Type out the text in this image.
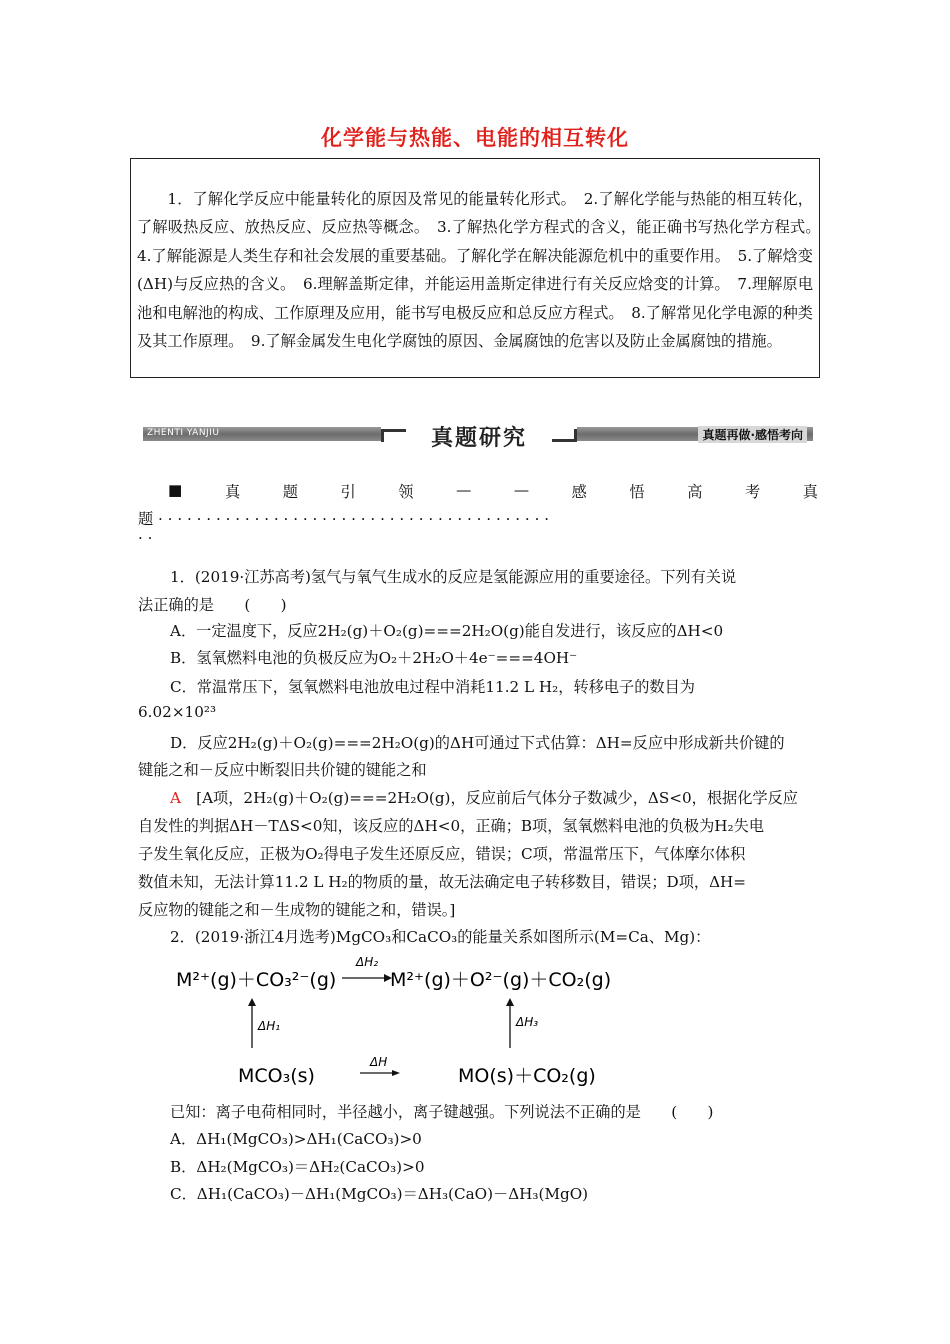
化学能与热能、电能的相互转化

1．了解化学反应中能量转化的原因及常见的能量转化形式。　2.了解化学能与热能的相互转化，了解吸热反应、放热反应、反应热等概念。　3.了解热化学方程式的含义，能正确书写热化学方程式。　4.了解能源是人类生存和社会发展的重要基础。了解化学在解决能源危机中的重要作用。　5.了解焓变(ΔH)与反应热的含义。　6.理解盖斯定律，并能运用盖斯定律进行有关反应焓变的计算。　7.理解原电池和电解池的构成、工作原理及应用，能书写电极反应和总反应方程式。　8.了解常见化学电源的种类及其工作原理。　9.了解金属发生电化学腐蚀的原因、金属腐蚀的危害以及防止金属腐蚀的措施。

ZHENTI YANJIU	真题研究	真题再做·感悟考向
■	真	题	引	领	—	—	感	悟	高	考	真
题 · · · · · · · · · · · · · · · · · · · · · · · · · · · · · · · · · · · · · · · · ·
· ·
1．(2019·江苏高考)氢气与氧气生成水的反应是氢能源应用的重要途径。下列有关说
法正确的是　　(　　)
A．一定温度下，反应2H₂(g)＋O₂(g)===2H₂O(g)能自发进行，该反应的ΔH<0
B．氢氧燃料电池的负极反应为O₂＋2H₂O＋4e⁻===4OH⁻
C．常温常压下，氢氧燃料电池放电过程中消耗11.2 L H₂，转移电子的数目为
6.02×10²³
D．反应2H₂(g)＋O₂(g)===2H₂O(g)的ΔH可通过下式估算：ΔH=反应中形成新共价键的
键能之和－反应中断裂旧共价键的键能之和
A　 [A项，2H₂(g)＋O₂(g)===2H₂O(g)，反应前后气体分子数减少，ΔS<0，根据化学反应
自发性的判据ΔH－TΔS<0知，该反应的ΔH<0，正确；B项，氢氧燃料电池的负极为H₂失电
子发生氧化反应，正极为O₂得电子发生还原反应，错误；C项，常温常压下，气体摩尔体积
数值未知，无法计算11.2 L H₂的物质的量，故无法确定电子转移数目，错误；D项，ΔH=
反应物的键能之和－生成物的键能之和，错误。]
2．(2019·浙江4月选考)MgCO₃和CaCO₃的能量关系如图所示(M=Ca、Mg)：
M²⁺(g)＋CO₃²⁻(g)
ΔH₂
M²⁺(g)＋O²⁻(g)＋CO₂(g)
ΔH₁	ΔH₃
MCO₃(s)
ΔH
MO(s)＋CO₂(g)
已知：离子电荷相同时，半径越小，离子键越强。下列说法不正确的是　　(　　)
A．ΔH₁(MgCO₃)>ΔH₁(CaCO₃)>0
B．ΔH₂(MgCO₃)＝ΔH₂(CaCO₃)>0
C．ΔH₁(CaCO₃)－ΔH₁(MgCO₃)＝ΔH₃(CaO)－ΔH₃(MgO)
